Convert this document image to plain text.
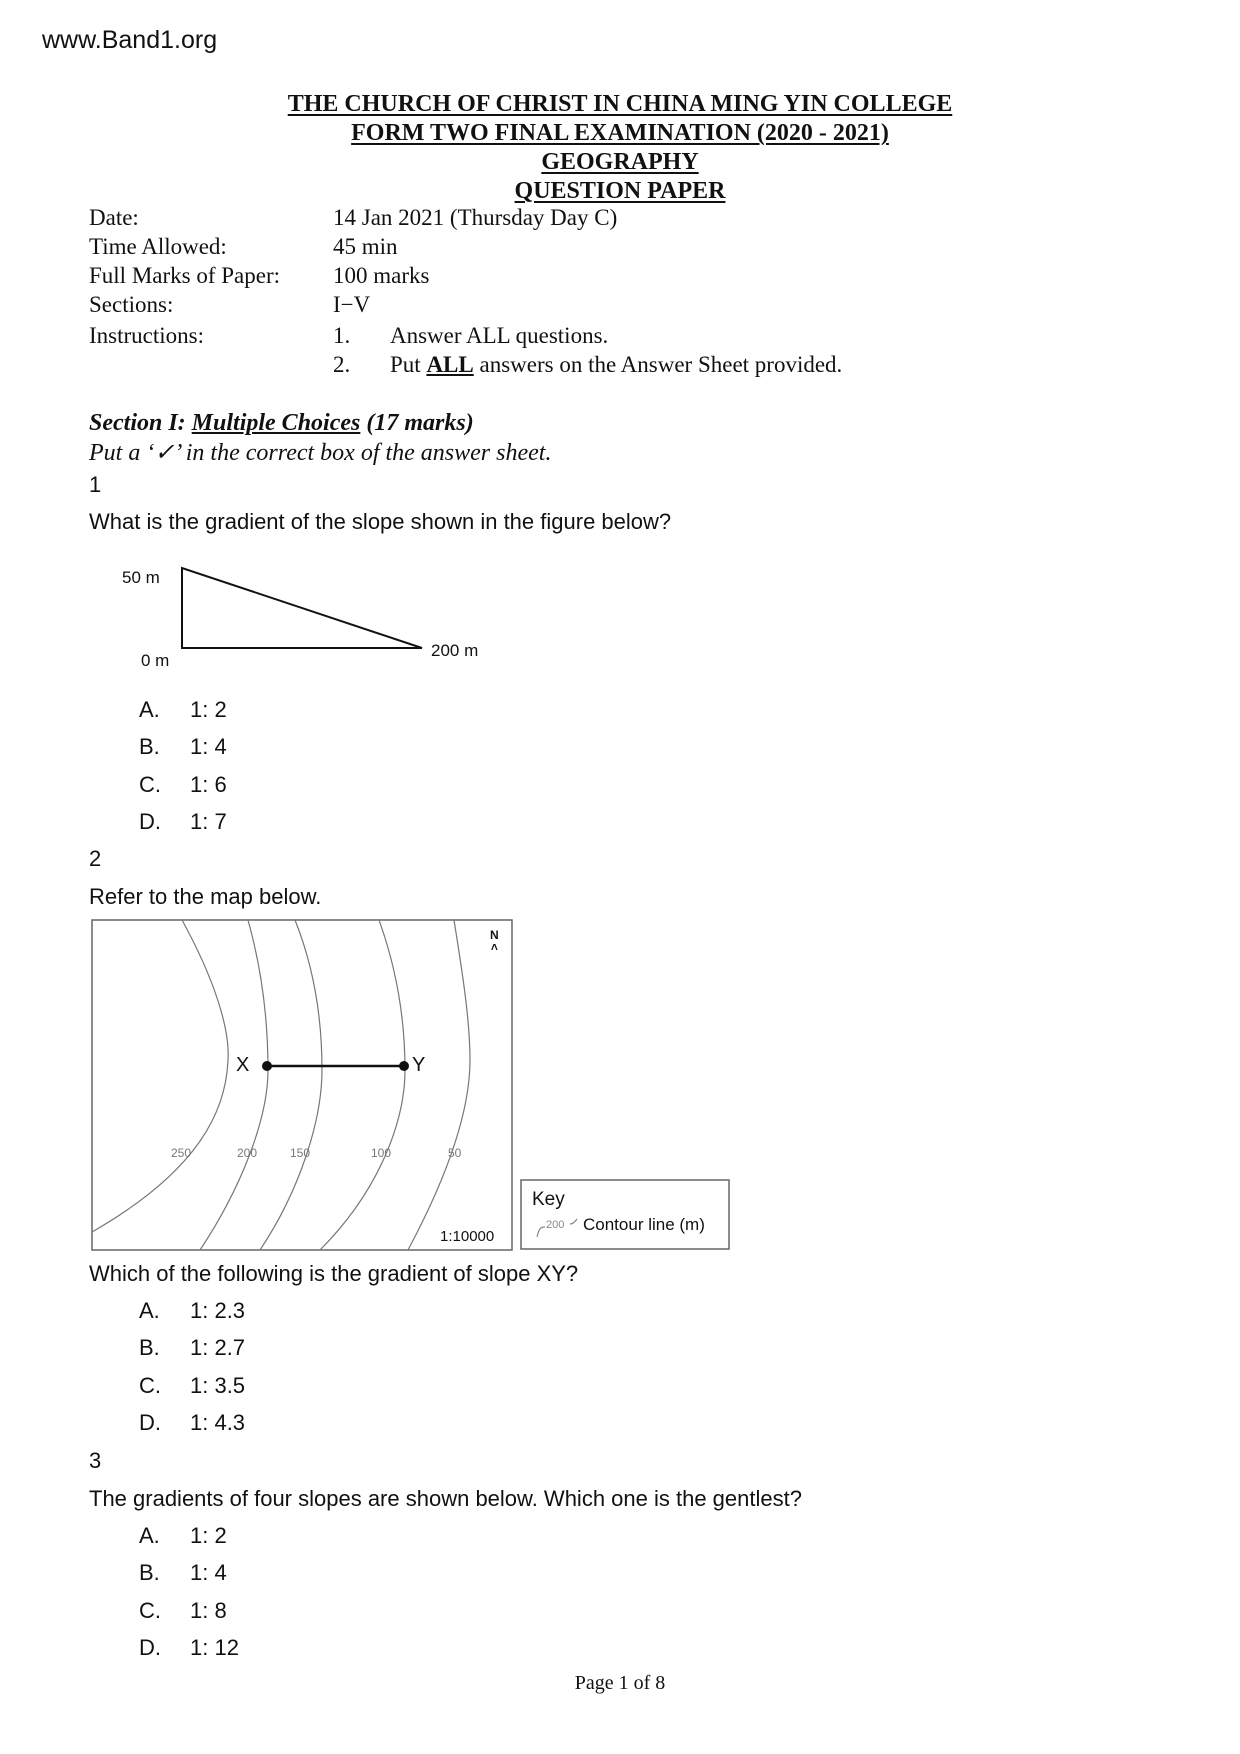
www.Band1.org
THE CHURCH OF CHRIST IN CHINA MING YIN COLLEGE
FORM TWO FINAL EXAMINATION (2020 - 2021)
GEOGRAPHY
QUESTION PAPER
Date:	14 Jan 2021 (Thursday Day C)
Time Allowed:	45 min
Full Marks of Paper: 100 marks
Sections:	I−V
Instructions:	1. Answer ALL questions.
2. Put ALL answers on the Answer Sheet provided.
Section I: Multiple Choices (17 marks)
Put a ‘✓’ in the correct box of the answer sheet.
1
What is the gradient of the slope shown in the figure below?
50 m
0 m
200 m
A. 1: 2
B. 1: 4
C. 1: 6
D. 1: 7
2
Refer to the map below.
N
˄
X	Y
250	200	150	100	50
1:10000
Key
200 Contour line (m)
Which of the following is the gradient of slope XY?
A. 1: 2.3
B. 1: 2.7
C. 1: 3.5
D. 1: 4.3
3
The gradients of four slopes are shown below. Which one is the gentlest?
A. 1: 2
B. 1: 4
C. 1: 8
D. 1: 12
Page 1 of 8
